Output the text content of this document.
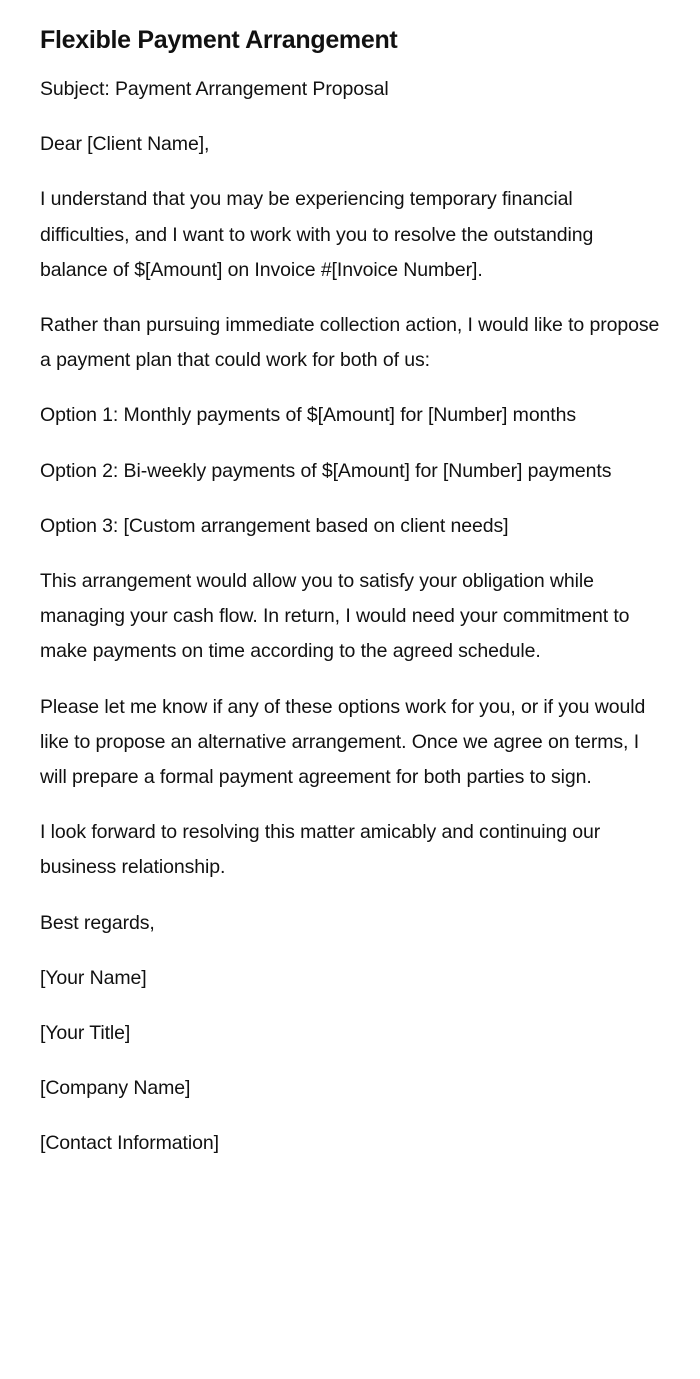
Flexible Payment Arrangement

Subject: Payment Arrangement Proposal

Dear [Client Name],

I understand that you may be experiencing temporary financial difficulties, and I want to work with you to resolve the outstanding balance of $[Amount] on Invoice #[Invoice Number].

Rather than pursuing immediate collection action, I would like to propose a payment plan that could work for both of us:

Option 1: Monthly payments of $[Amount] for [Number] months

Option 2: Bi-weekly payments of $[Amount] for [Number] payments

Option 3: [Custom arrangement based on client needs]

This arrangement would allow you to satisfy your obligation while managing your cash flow. In return, I would need your commitment to make payments on time according to the agreed schedule.

Please let me know if any of these options work for you, or if you would like to propose an alternative arrangement. Once we agree on terms, I will prepare a formal payment agreement for both parties to sign.

I look forward to resolving this matter amicably and continuing our business relationship.

Best regards,

[Your Name]

[Your Title]

[Company Name]

[Contact Information]
